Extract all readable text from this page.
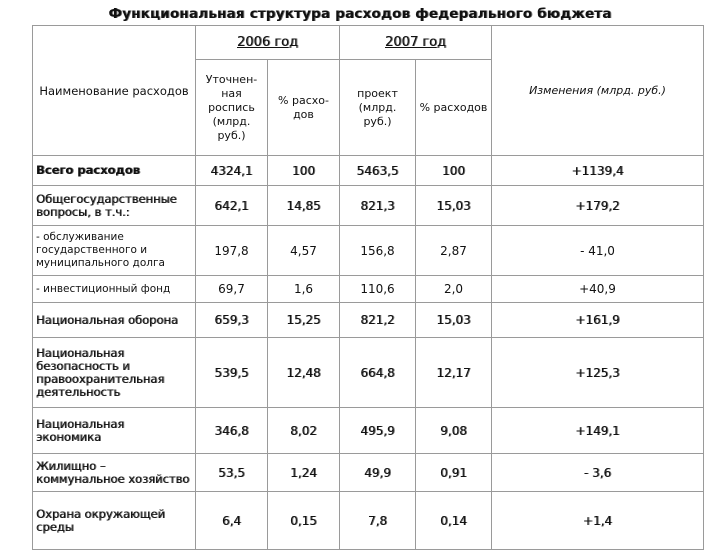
Функциональная структура расходов федерального бюджета
Наименование расходов	2006 год		2007 год		Изменения (млрд. руб.)
	Уточнен-ная роспись (млрд. руб.)	% расхо-дов	проект (млрд. руб.)	% расходов	
Всего расходов	4324,1	100	5463,5	100	+1139,4
Общегосударственные вопросы, в т.ч.:	642,1	14,85	821,3	15,03	+179,2
- обслуживание государственного и муниципального долга	197,8	4,57	156,8	2,87	- 41,0
- инвестиционный фонд	69,7	1,6	110,6	2,0	+40,9
Национальная оборона	659,3	15,25	821,2	15,03	+161,9
Национальная безопасность и правоохранительная деятельность	539,5	12,48	664,8	12,17	+125,3
Национальная экономика	346,8	8,02	495,9	9,08	+149,1
Жилищно – коммунальное хозяйство	53,5	1,24	49,9	0,91	- 3,6
Охрана окружающей среды	6,4	0,15	7,8	0,14	+1,4
